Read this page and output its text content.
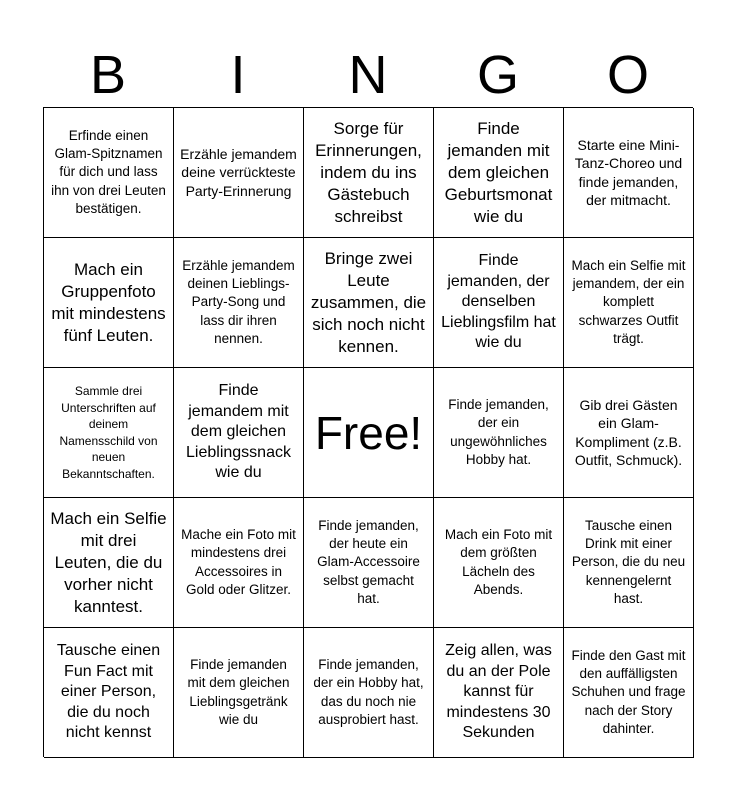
B	I	N	G	O
Erfinde einen Glam-Spitznamen für dich und lass ihn von drei Leuten bestätigen.
Erzähle jemandem deine verrückteste Party-Erinnerung
Sorge für Erinnerungen, indem du ins Gästebuch schreibst
Finde jemanden mit dem gleichen Geburtsmonat wie du
Starte eine Mini-Tanz-Choreo und finde jemanden, der mitmacht.
Mach ein Gruppenfoto mit mindestens fünf Leuten.
Erzähle jemandem deinen Lieblings-Party-Song und lass dir ihren nennen.
Bringe zwei Leute zusammen, die sich noch nicht kennen.
Finde jemanden, der denselben Lieblingsfilm hat wie du
Mach ein Selfie mit jemandem, der ein komplett schwarzes Outfit trägt.
Sammle drei Unterschriften auf deinem Namensschild von neuen Bekanntschaften.
Finde jemandem mit dem gleichen Lieblingssnack wie du
Free!
Finde jemanden, der ein ungewöhnliches Hobby hat.
Gib drei Gästen ein Glam-Kompliment (z.B. Outfit, Schmuck).
Mach ein Selfie mit drei Leuten, die du vorher nicht kanntest.
Mache ein Foto mit mindestens drei Accessoires in Gold oder Glitzer.
Finde jemanden, der heute ein Glam-Accessoire selbst gemacht hat.
Mach ein Foto mit dem größten Lächeln des Abends.
Tausche einen Drink mit einer Person, die du neu kennengelernt hast.
Tausche einen Fun Fact mit einer Person, die du noch nicht kennst
Finde jemanden mit dem gleichen Lieblingsgetränk wie du
Finde jemanden, der ein Hobby hat, das du noch nie ausprobiert hast.
Zeig allen, was du an der Pole kannst für mindestens 30 Sekunden
Finde den Gast mit den auffälligsten Schuhen und frage nach der Story dahinter.
